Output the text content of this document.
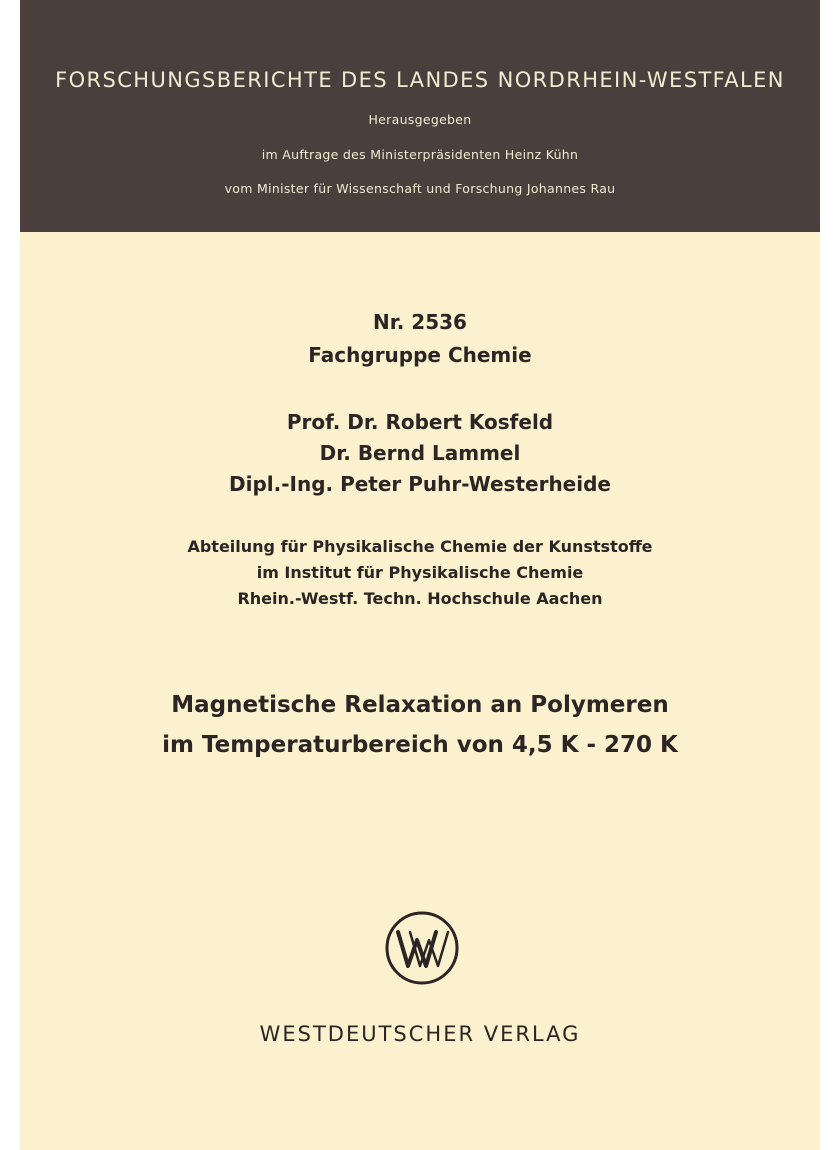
FORSCHUNGSBERICHTE DES LANDES NORDRHEIN-WESTFALEN
Herausgegeben
im Auftrage des Ministerpräsidenten Heinz Kühn
vom Minister für Wissenschaft und Forschung Johannes Rau
Nr. 2536
Fachgruppe Chemie
Prof. Dr. Robert Kosfeld
Dr. Bernd Lammel
Dipl.-Ing. Peter Puhr-Westerheide
Abteilung für Physikalische Chemie der Kunststoffe
im Institut für Physikalische Chemie
Rhein.-Westf. Techn. Hochschule Aachen
Magnetische Relaxation an Polymeren
im Temperaturbereich von 4,5 K - 270 K
WESTDEUTSCHER VERLAG
